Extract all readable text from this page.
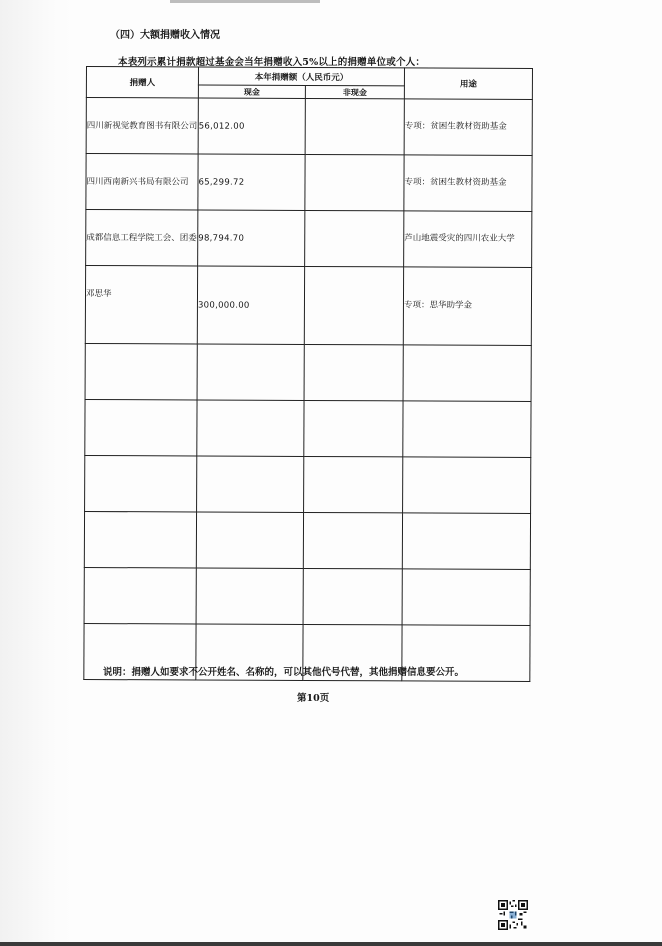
（四）大额捐赠收入情况
本表列示累计捐款超过基金会当年捐赠收入5%以上的捐赠单位或个人：
捐赠人	本年捐赠额（人民币元）		用途
	现金	非现金	
四川新视觉教育图书有限公司	56,012.00		专项：贫困生教材资助基金
四川西南新兴书局有限公司	65,299.72		专项：贫困生教材资助基金
成都信息工程学院工会、团委	98,794.70		芦山地震受灾的四川农业大学
邓思华	300,000.00		专项：思华助学金

说明：捐赠人如要求不公开姓名、名称的，可以其他代号代替，其他捐赠信息要公开。
第10页
